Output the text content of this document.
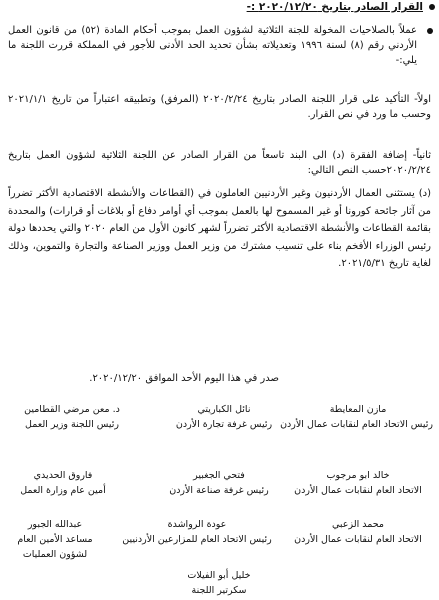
القرار الصادر بتاريخ ٢٠٢٠/١٢/٢٠ :-

عملاً بالصلاحيات المخولة للجنة الثلاثية لشؤون العمل بموجب أحكام المادة (٥٢) من قانون العمل الأردني رقم (٨) لسنة ١٩٩٦ وتعديلاته بشأن تحديد الحد الأدنى للأجور في المملكة قررت اللجنة ما يلي:-

اولاً- التأكيد على قرار اللجنة الصادر بتاريخ ٢٠٢٠/٢/٢٤ (المرفق) وتطبيقه اعتباراً من تاريخ ٢٠٢١/١/١ وحسب ما ورد في نص القرار.

ثانياً- إضافة الفقرة (د) الى البند تاسعاً من القرار الصادر عن اللجنة الثلاثية لشؤون العمل بتاريخ ٢٠٢٠/٢/٢٤حسب النص التالي:

(د) يستثنى العمال الأردنيون وغير الأردنيين العاملون في (القطاعات والأنشطة الاقتصادية الأكثر تضرراً من آثار جائحة كورونا أو غير المسموح لها بالعمل بموجب أي أوامر دفاع أو بلاغات أو قرارات) والمحددة بقائمة القطاعات والأنشطة الاقتصادية الأكثر تضرراً لشهر كانون الأول من العام ٢٠٢٠ والتي يحددها دولة رئيس الوزراء الأفخم بناء على تنسيب مشترك من وزير العمل ووزير الصناعة والتجارة والتموين، وذلك لغاية تاريخ ٢٠٢١/٥/٣١.

صدر في هذا اليوم الأحد الموافق ٢٠٢٠/١٢/٢٠.
مازن المعايطة
رئيس الاتحاد العام لنقابات عمال الأردن
نائل الكباريتي
رئيس غرفة تجارة الأردن
د. معن مرضي القطامين
رئيس اللجنة وزير العمل
خالد ابو مرجوب
الاتحاد العام لنقابات عمال الأردن
فتحي الجغبير
رئيس غرفة صناعة الأردن
فاروق الحديدي
أمين عام وزارة العمل
محمد الزعبي
الاتحاد العام لنقابات عمال الأردن
عودة الرواشدة
رئيس الاتحاد العام للمزارعين الأردنيين
عبدالله الجبور
مساعد الأمين العام
لشؤون العمليات
خليل أبو الفيلات
سكرتير اللجنة
